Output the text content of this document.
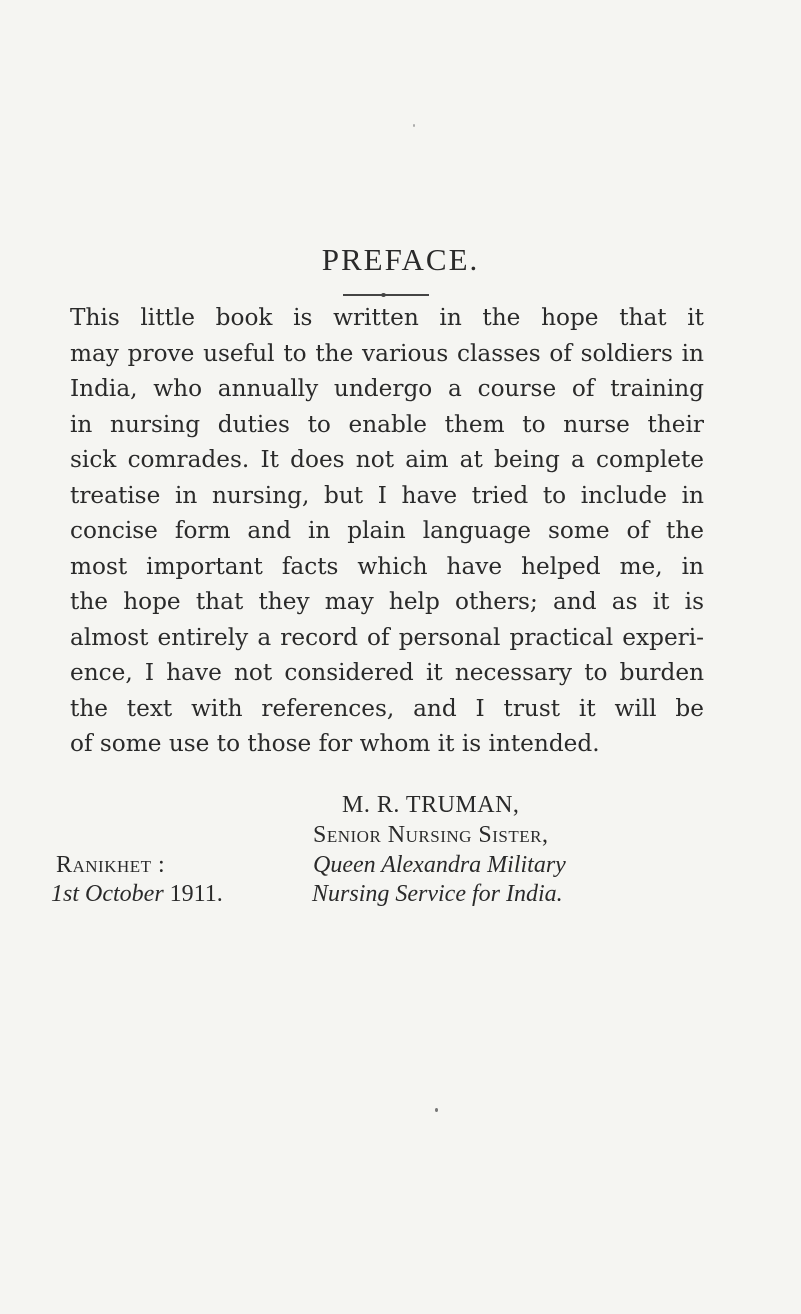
PREFACE.

This little book is written in the hope that it
may prove useful to the various classes of soldiers in
India, who annually undergo a course of training
in nursing duties to enable them to nurse their
sick comrades. It does not aim at being a complete
treatise in nursing, but I have tried to include in
concise form and in plain language some of the
most important facts which have helped me, in
the hope that they may help others; and as it is
almost entirely a record of personal practical experi-
ence, I have not considered it necessary to burden
the text with references, and I trust it will be
of some use to those for whom it is intended.

M. R. TRUMAN,
Senior Nursing Sister,
Queen Alexandra Military
Nursing Service for India.
Ranikhet :
1st October 1911.
